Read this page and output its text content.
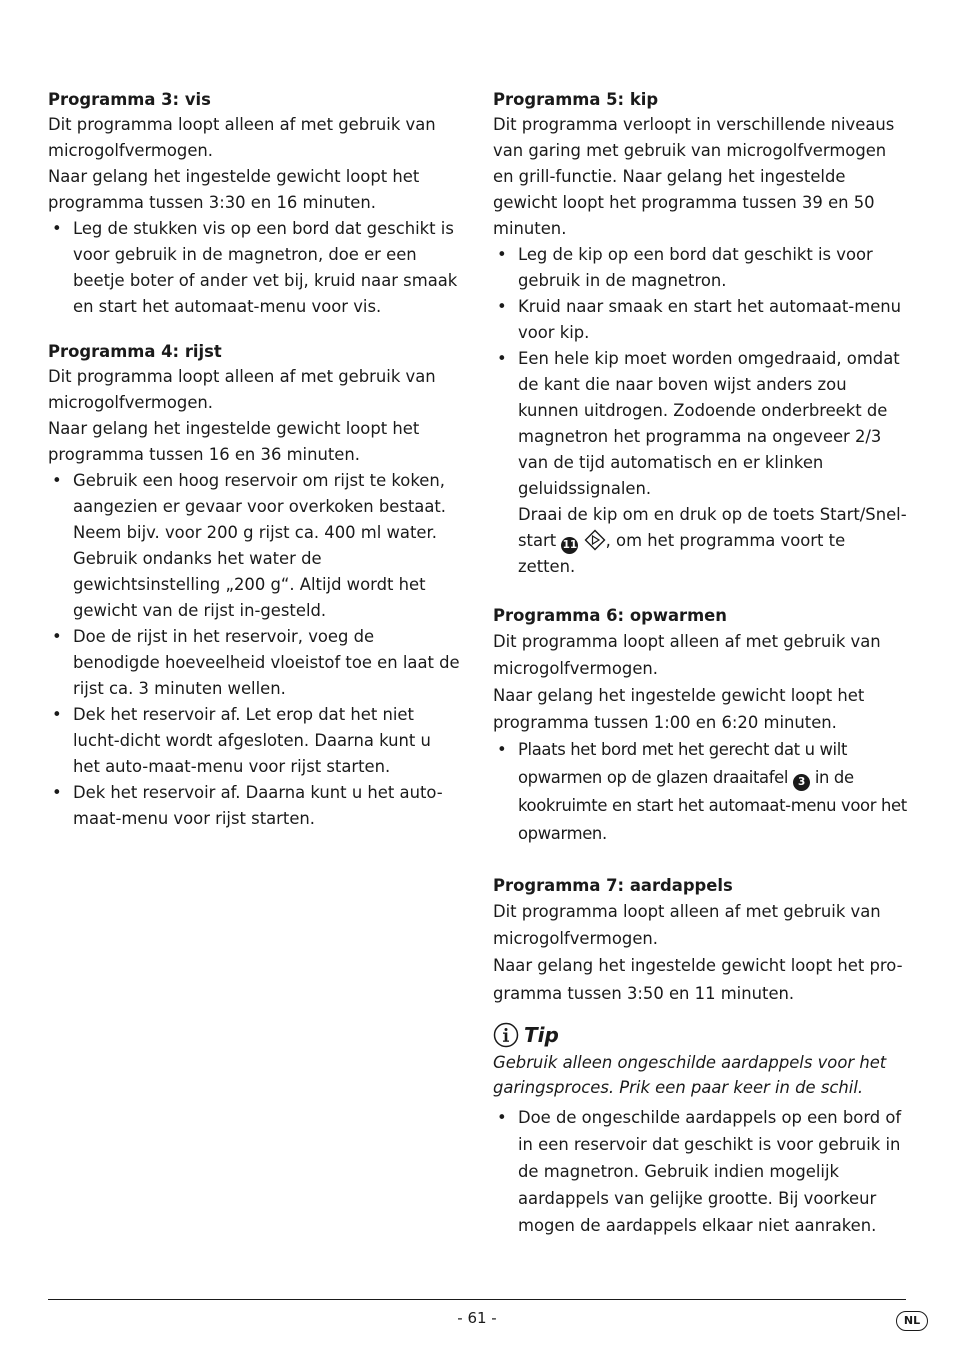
Programma 3: vis

Dit programma loopt alleen af met gebruik van microgolfvermogen.

Naar gelang het ingestelde gewicht loopt het programma tussen 3:30 en 16 minuten.

• Leg de stukken vis op een bord dat geschikt is voor gebruik in de magnetron, doe er een beetje boter of ander vet bij, kruid naar smaak en start het automaat-menu voor vis.

Programma 4: rijst

Dit programma loopt alleen af met gebruik van microgolfvermogen.

Naar gelang het ingestelde gewicht loopt het programma tussen 16 en 36 minuten.

• Gebruik een hoog reservoir om rijst te koken, aangezien er gevaar voor overkoken bestaat. Neem bijv. voor 200 g rijst ca. 400 ml water. Gebruik ondanks het water de gewichtsinstelling „200 g“. Altijd wordt het gewicht van de rijst in-gesteld.
• Doe de rijst in het reservoir, voeg de benodigde hoeveelheid vloeistof toe en laat de rijst ca. 3 minuten wellen.
• Dek het reservoir af. Let erop dat het niet lucht-dicht wordt afgesloten. Daarna kunt u het auto-maat-menu voor rijst starten.
• Dek het reservoir af. Daarna kunt u het auto-maat-menu voor rijst starten.

Programma 5: kip

Dit programma verloopt in verschillende niveaus van garing met gebruik van microgolfvermogen en grill-functie. Naar gelang het ingestelde gewicht loopt het programma tussen 39 en 50 minuten.

• Leg de kip op een bord dat geschikt is voor gebruik in de magnetron.
• Kruid naar smaak en start het automaat-menu voor kip.
• Een hele kip moet worden omgedraaid, omdat de kant die naar boven wijst anders zou kunnen uitdrogen. Zodoende onderbreekt de magnetron het programma na ongeveer 2/3 van de tijd automatisch en er klinken geluidssignalen.
Draai de kip om en druk op de toets Start/Snel-start 11 , om het programma voort te zetten.

Programma 6: opwarmen

Dit programma loopt alleen af met gebruik van microgolfvermogen.

Naar gelang het ingestelde gewicht loopt het programma tussen 1:00 en 6:20 minuten.

• Plaats het bord met het gerecht dat u wilt opwarmen op de glazen draaitafel 3 in de kookruimte en start het automaat-menu voor het opwarmen.

Programma 7: aardappels

Dit programma loopt alleen af met gebruik van microgolfvermogen.

Naar gelang het ingestelde gewicht loopt het pro-gramma tussen 3:50 en 11 minuten.

Tip

Gebruik alleen ongeschilde aardappels voor het garingsproces. Prik een paar keer in de schil.

• Doe de ongeschilde aardappels op een bord of in een reservoir dat geschikt is voor gebruik in de magnetron. Gebruik indien mogelijk aardappels van gelijke grootte. Bij voorkeur mogen de aardappels elkaar niet aanraken.
- 61 -	NL
